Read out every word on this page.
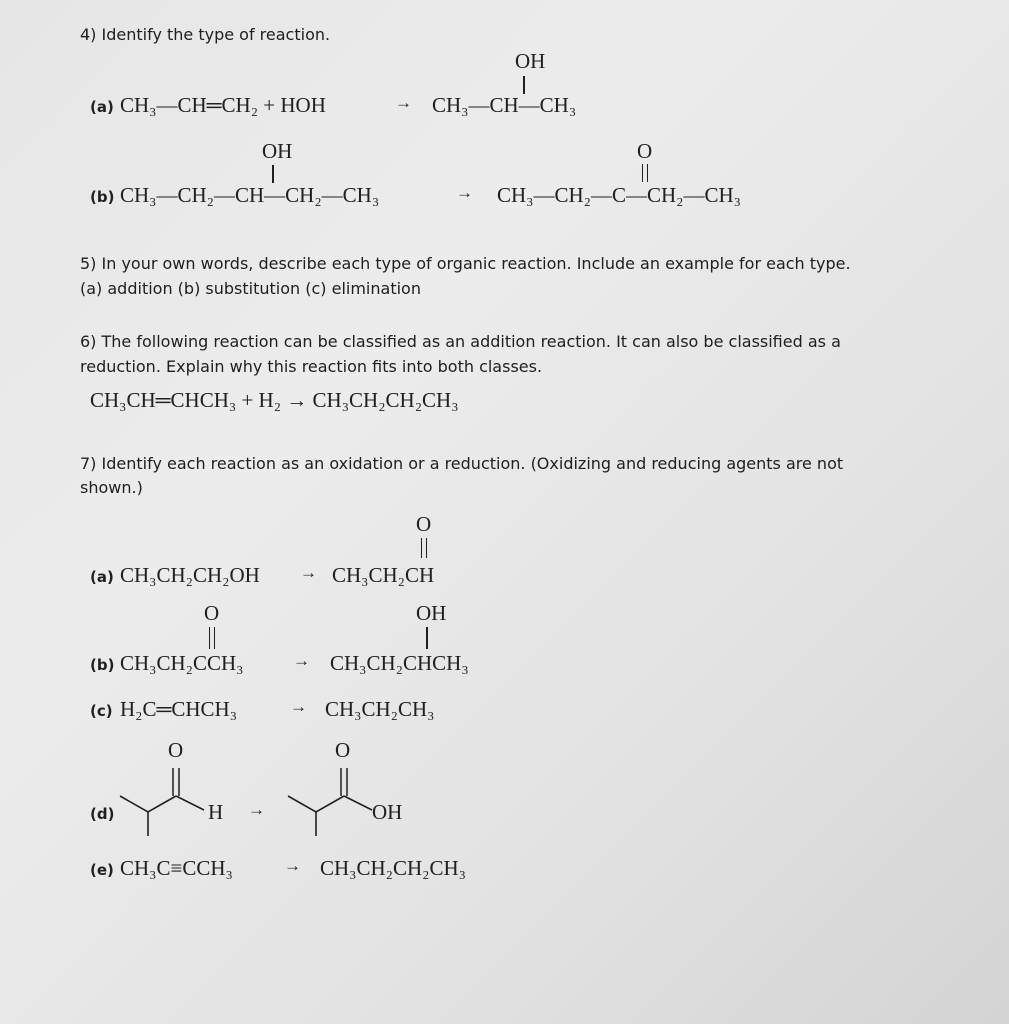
4) Identify the type of reaction.
OH
(a) CH₃—CH═CH₂ + HOH	→ CH₃—CH—CH₃
OH	O
(b) CH₃—CH₂—CH—CH₂—CH₃	→ CH₃—CH₂—C—CH₂—CH₃
5) In your own words, describe each type of organic reaction. Include an example for each type.
(a) addition (b) substitution (c) elimination
6) The following reaction can be classified as an addition reaction. It can also be classified as a
reduction. Explain why this reaction fits into both classes.
CH₃CH═CHCH₃ + H₂ → CH₃CH₂CH₂CH₃
7) Identify each reaction as an oxidation or a reduction. (Oxidizing and reducing agents are not
shown.)
O
(a) CH₃CH₂CH₂OH → CH₃CH₂CH
O	OH
(b) CH₃CH₂CCH₃	→ CH₃CH₂CHCH₃
(c) H₂C═CHCH₃	→ CH₃CH₂CH₃
(d)
O
H →
O
OH
(e) CH₃C≡CCH₃	→ CH₃CH₂CH₂CH₃
